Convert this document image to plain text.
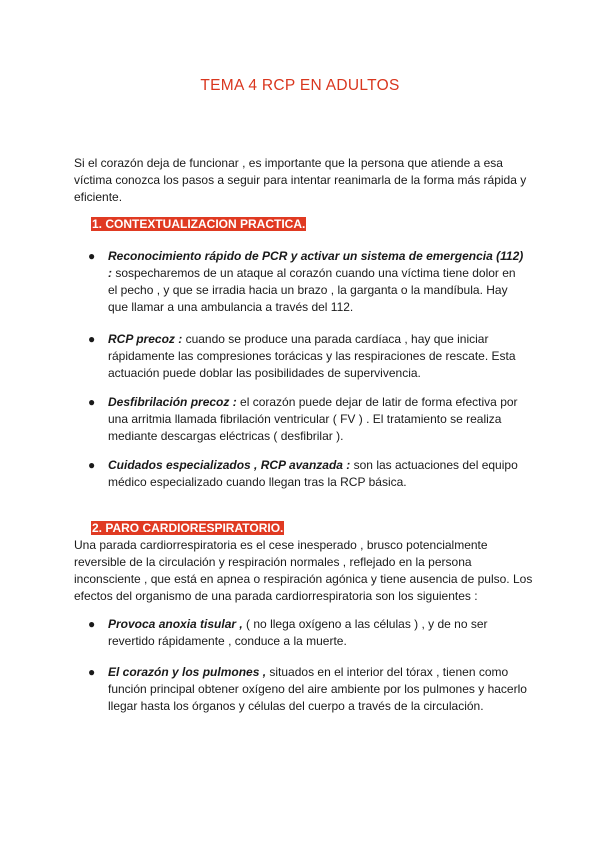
TEMA 4 RCP EN ADULTOS

Si el corazón deja de funcionar , es importante que la persona que atiende a esa víctima conozca los pasos a seguir para intentar reanimarla de la forma más rápida y eficiente.

1. CONTEXTUALIZACION PRACTICA.
● Reconocimiento rápido de PCR y activar un sistema de emergencia (112) : sospecharemos de un ataque al corazón cuando una víctima tiene dolor en el pecho , y que se irradia hacia un brazo , la garganta o la mandíbula. Hay que llamar a una ambulancia a través del 112.
● RCP precoz : cuando se produce una parada cardíaca , hay que iniciar rápidamente las compresiones torácicas y las respiraciones de rescate. Esta actuación puede doblar las posibilidades de supervivencia.
● Desfibrilación precoz : el corazón puede dejar de latir de forma efectiva por una arritmia llamada fibrilación ventricular ( FV ) . El tratamiento se realiza mediante descargas eléctricas ( desfibrilar ).
● Cuidados especializados , RCP avanzada : son las actuaciones del equipo médico especializado cuando llegan tras la RCP básica.
2. PARO CARDIORESPIRATORIO.

Una parada cardiorrespiratoria es el cese inesperado , brusco potencialmente reversible de la circulación y respiración normales , reflejado en la persona inconsciente , que está en apnea o respiración agónica y tiene ausencia de pulso. Los efectos del organismo de una parada cardiorrespiratoria son los siguientes :

● Provoca anoxia tisular , ( no llega oxígeno a las células ) , y de no ser revertido rápidamente , conduce a la muerte.
● El corazón y los pulmones , situados en el interior del tórax , tienen como función principal obtener oxígeno del aire ambiente por los pulmones y hacerlo llegar hasta los órganos y células del cuerpo a través de la circulación.
